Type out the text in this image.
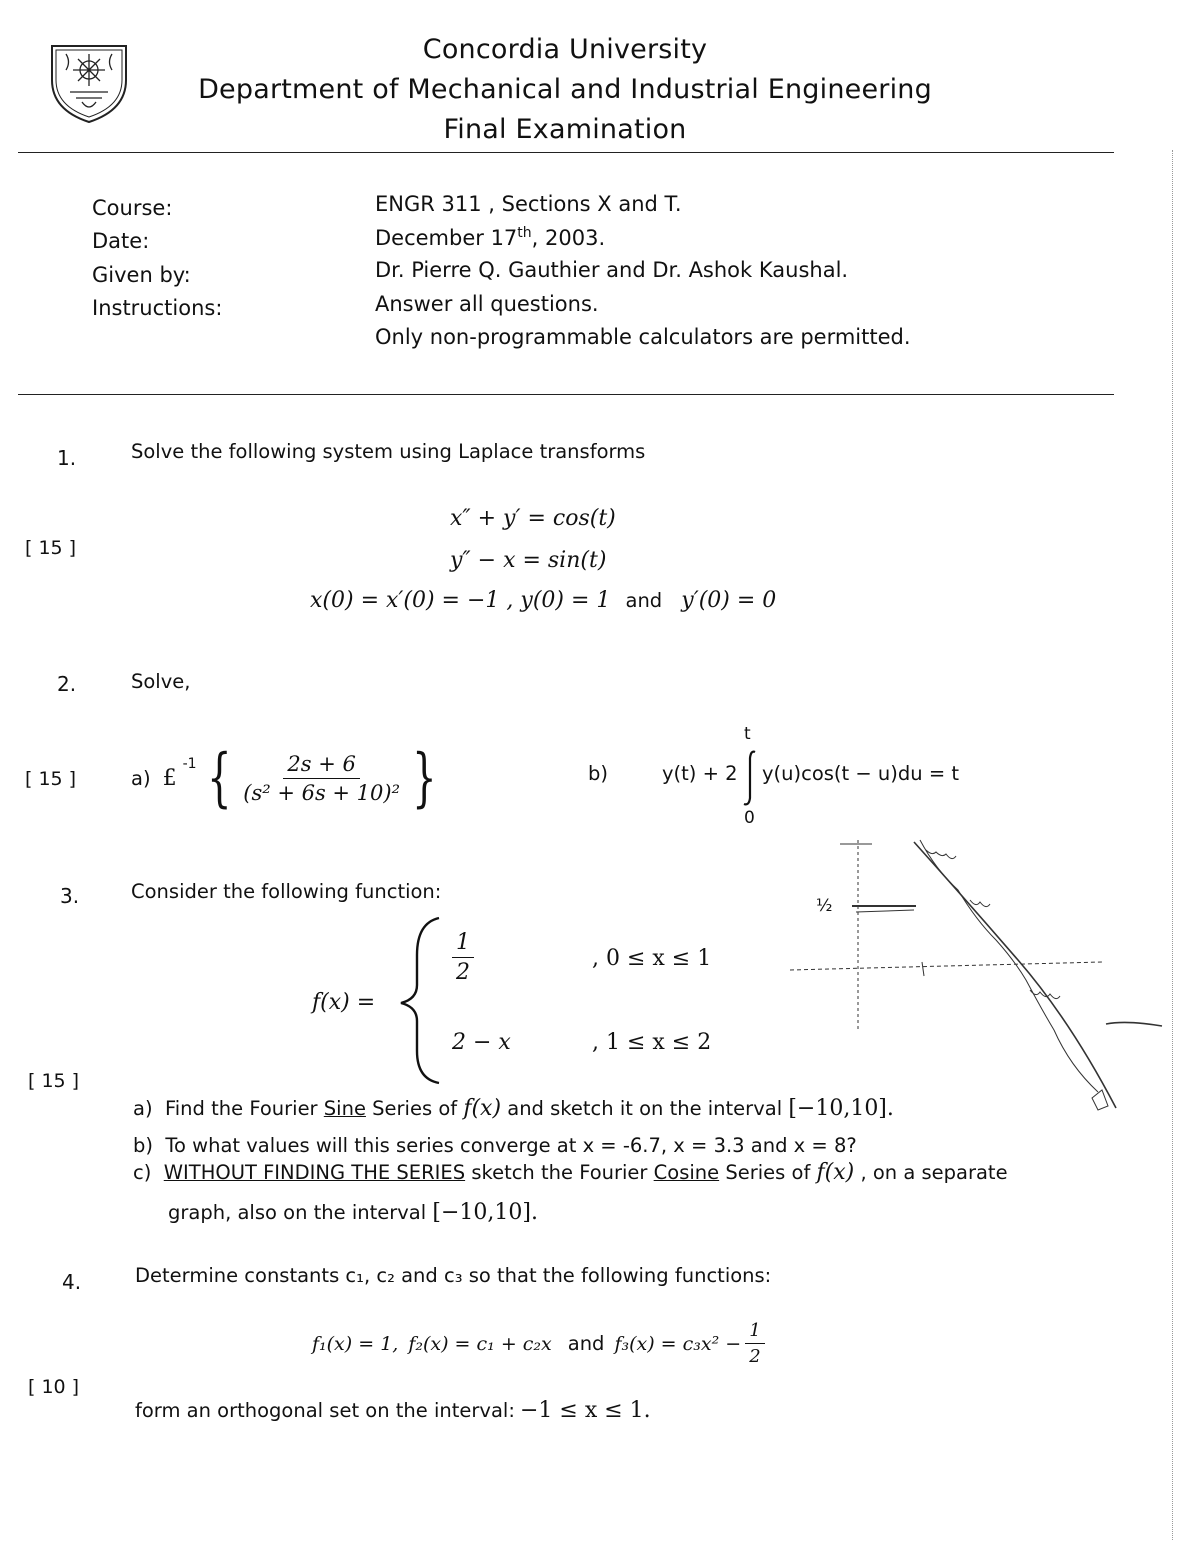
Concordia University
Department of Mechanical and Industrial Engineering
Final Examination
Course:	ENGR 311 , Sections X and T.
Date:	December 17th, 2003.
Given by:	Dr. Pierre Q. Gauthier and Dr. Ashok Kaushal.
Instructions:	Answer all questions.
Only non-programmable calculators are permitted.
1.	Solve the following system using Laplace transforms
[ 15 ]
x″ + y′ = cos(t)
y″ − x = sin(t)
x(0) = x′(0) = −1 , y(0) = 1 and y′(0) = 0
2.	Solve,
[ 15 ]	a) £
-1 { $\frac{2s + 6}{\text{(s² + 6s + 10)²}}$ }	b)	y(t) + 2
t
0
y(u)cos(t − u)du = t
3.	Consider the following function:
[ 15 ]
f(x) =
$\frac{1}{2}$	, 0 ≤ x ≤ 1
2 − x	, 1 ≤ x ≤ 2
½
a) Find the Fourier Sine Series of f(x) and sketch it on the interval [−10,10].
b) To what values will this series converge at x = -6.7, x = 3.3 and x = 8?
c) WITHOUT FINDING THE SERIES sketch the Fourier Cosine Series of f(x) , on a separate
graph, also on the interval [−10,10].
4.	Determine constants c₁, c₂ and c₃ so that the following functions:
[ 10 ]
f₁(x) = 1, f₂(x) = c₁ + c₂x and $f_3(x) = c_3x^2 - \frac{1}{2}$
form an orthogonal set on the interval: −1 ≤ x ≤ 1.
